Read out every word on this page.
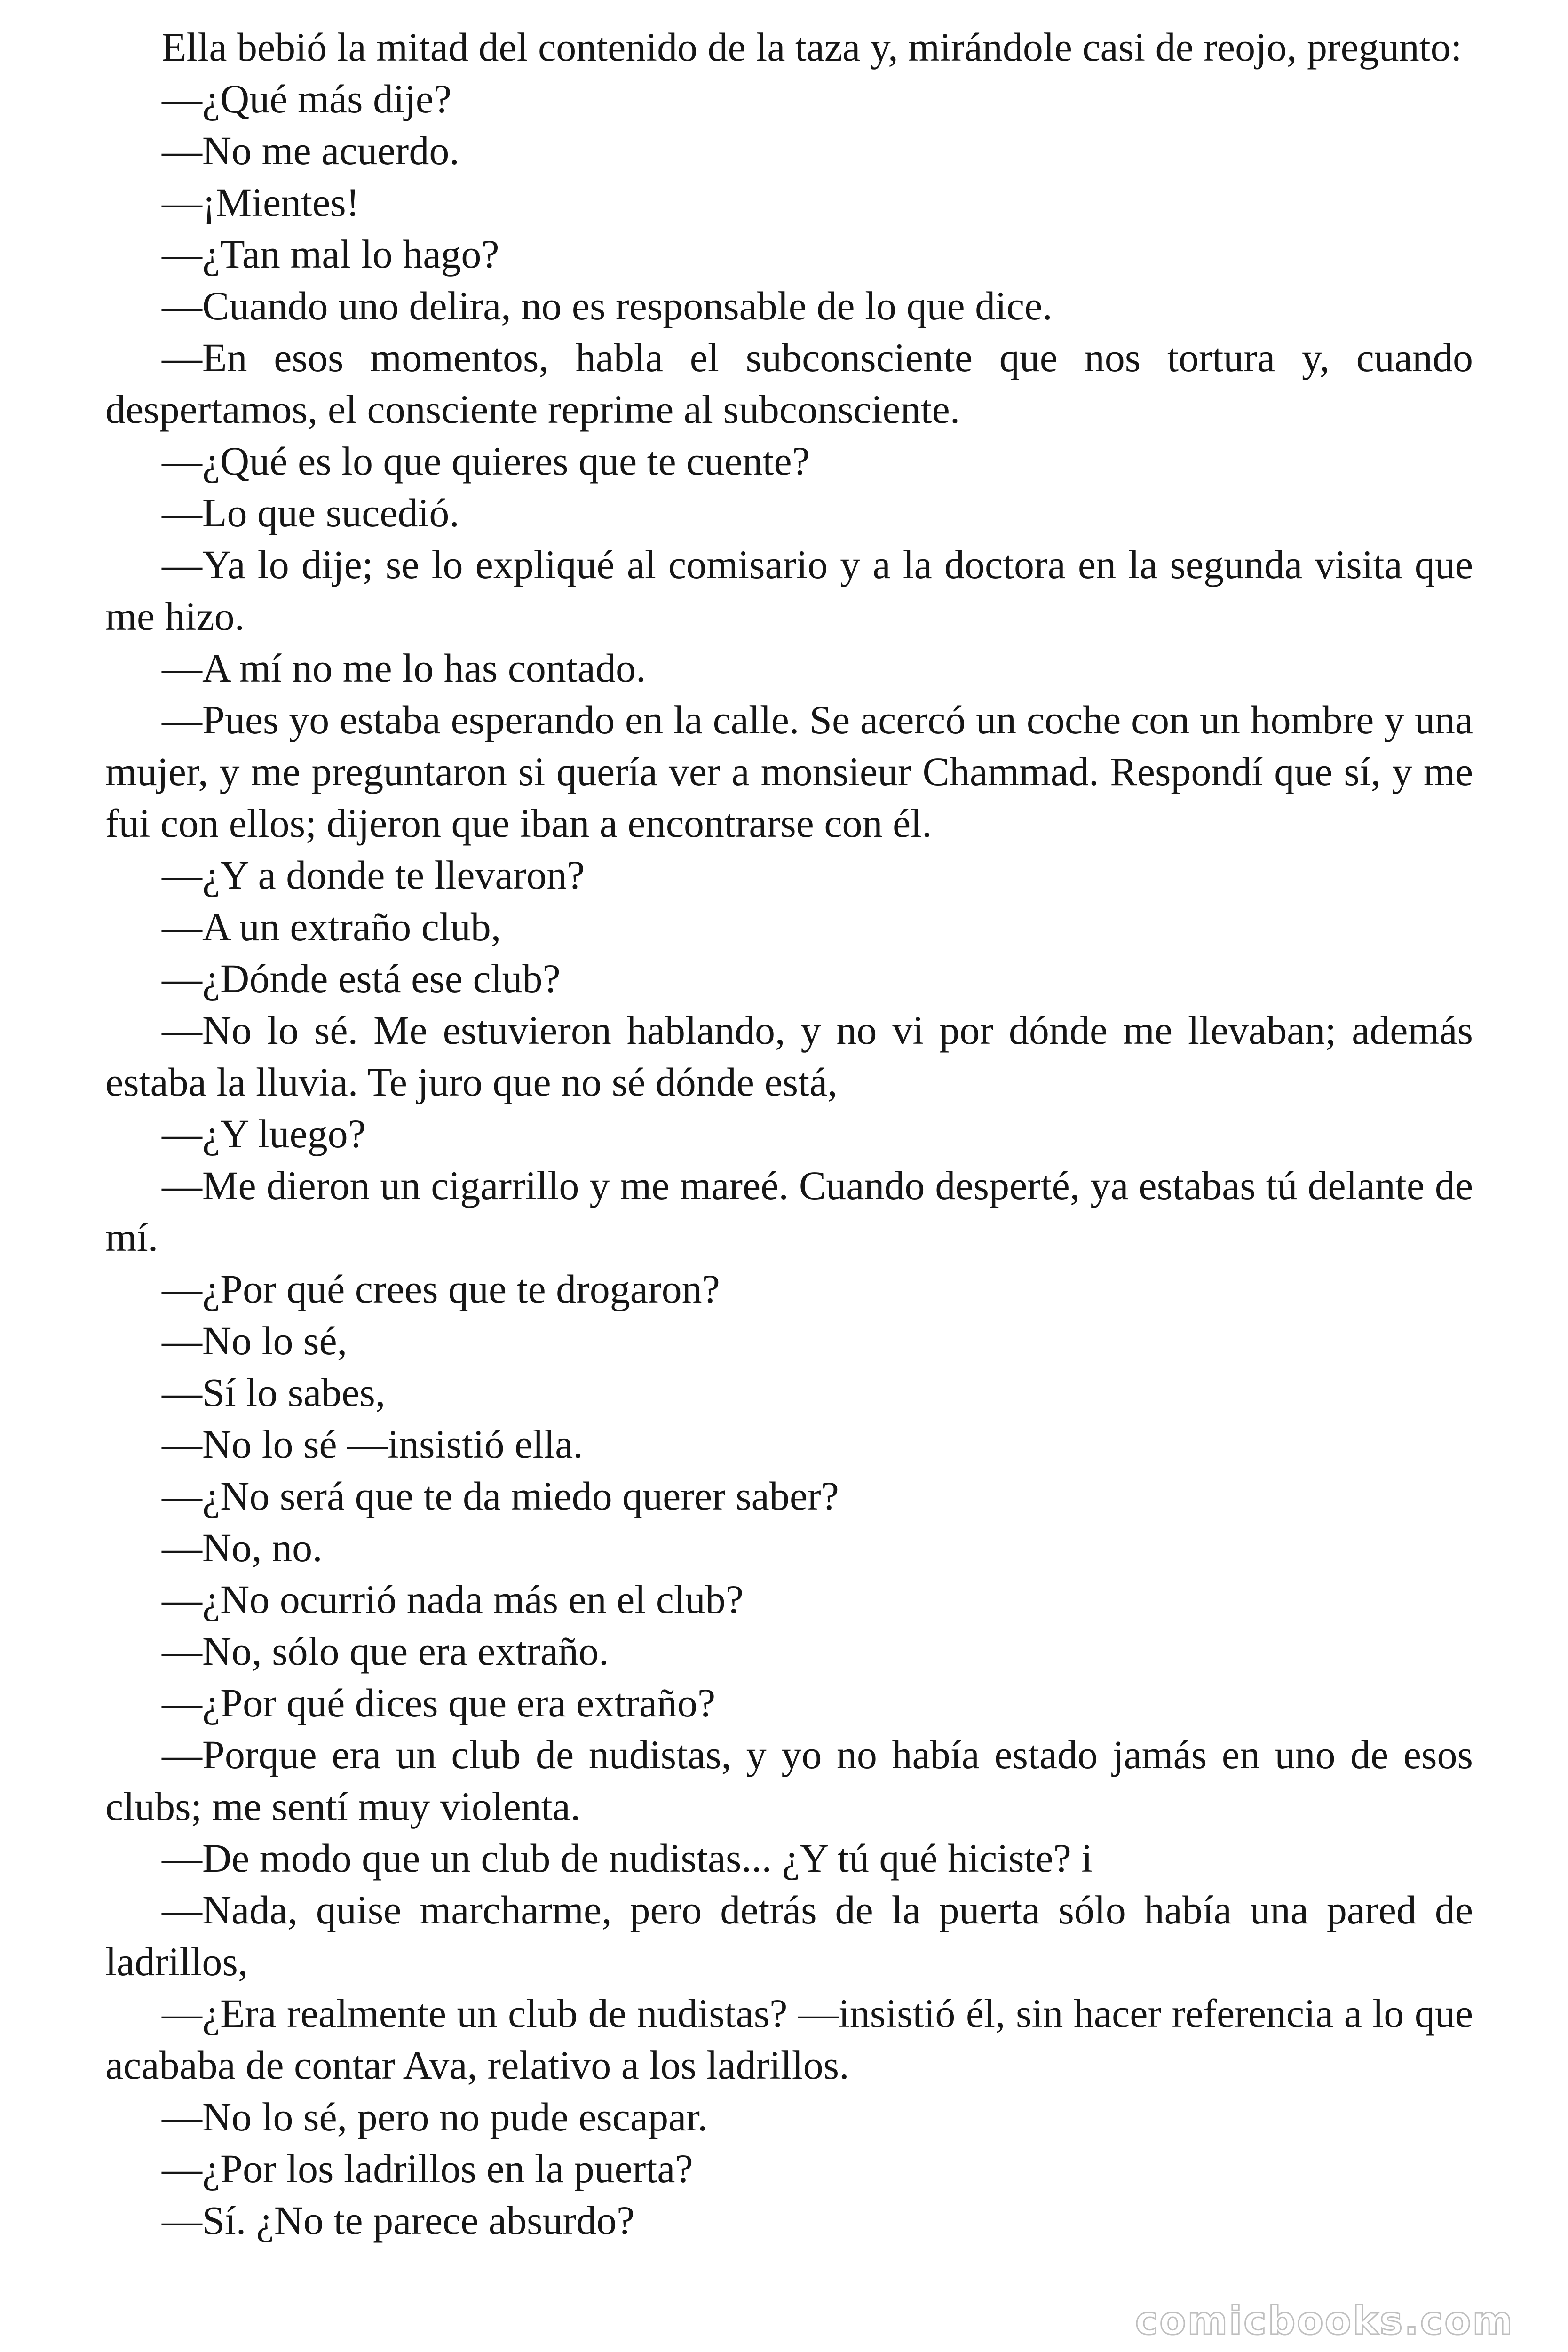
Ella bebió la mitad del contenido de la taza y, mirándole casi de reojo, pregunto:

—¿Qué más dije?

—No me acuerdo.

—¡Mientes!

—¿Tan mal lo hago?

—Cuando uno delira, no es responsable de lo que dice.

—En esos momentos, habla el subconsciente que nos tortura y, cuando despertamos, el consciente reprime al subconsciente.

—¿Qué es lo que quieres que te cuente?

—Lo que sucedió.

—Ya lo dije; se lo expliqué al comisario y a la doctora en la segunda visita que me hizo.

—A mí no me lo has contado.

—Pues yo estaba esperando en la calle. Se acercó un coche con un hombre y una mujer, y me preguntaron si quería ver a monsieur Chammad. Respondí que sí, y me fui con ellos; dijeron que iban a encontrarse con él.

—¿Y a donde te llevaron?

—A un extraño club,

—¿Dónde está ese club?

—No lo sé. Me estuvieron hablando, y no vi por dónde me llevaban; además estaba la lluvia. Te juro que no sé dónde está,

—¿Y luego?

—Me dieron un cigarrillo y me mareé. Cuando desperté, ya estabas tú delante de mí.

—¿Por qué crees que te drogaron?

—No lo sé,

—Sí lo sabes,

—No lo sé —insistió ella.

—¿No será que te da miedo querer saber?

—No, no.

—¿No ocurrió nada más en el club?

—No, sólo que era extraño.

—¿Por qué dices que era extraño?

—Porque era un club de nudistas, y yo no había estado jamás en uno de esos clubs; me sentí muy violenta.

—De modo que un club de nudistas... ¿Y tú qué hiciste? i

—Nada, quise marcharme, pero detrás de la puerta sólo había una pared de ladrillos,

—¿Era realmente un club de nudistas? —insistió él, sin hacer referencia a lo que acababa de contar Ava, relativo a los ladrillos.

—No lo sé, pero no pude escapar.

—¿Por los ladrillos en la puerta?

—Sí. ¿No te parece absurdo?

comicbooks.com
